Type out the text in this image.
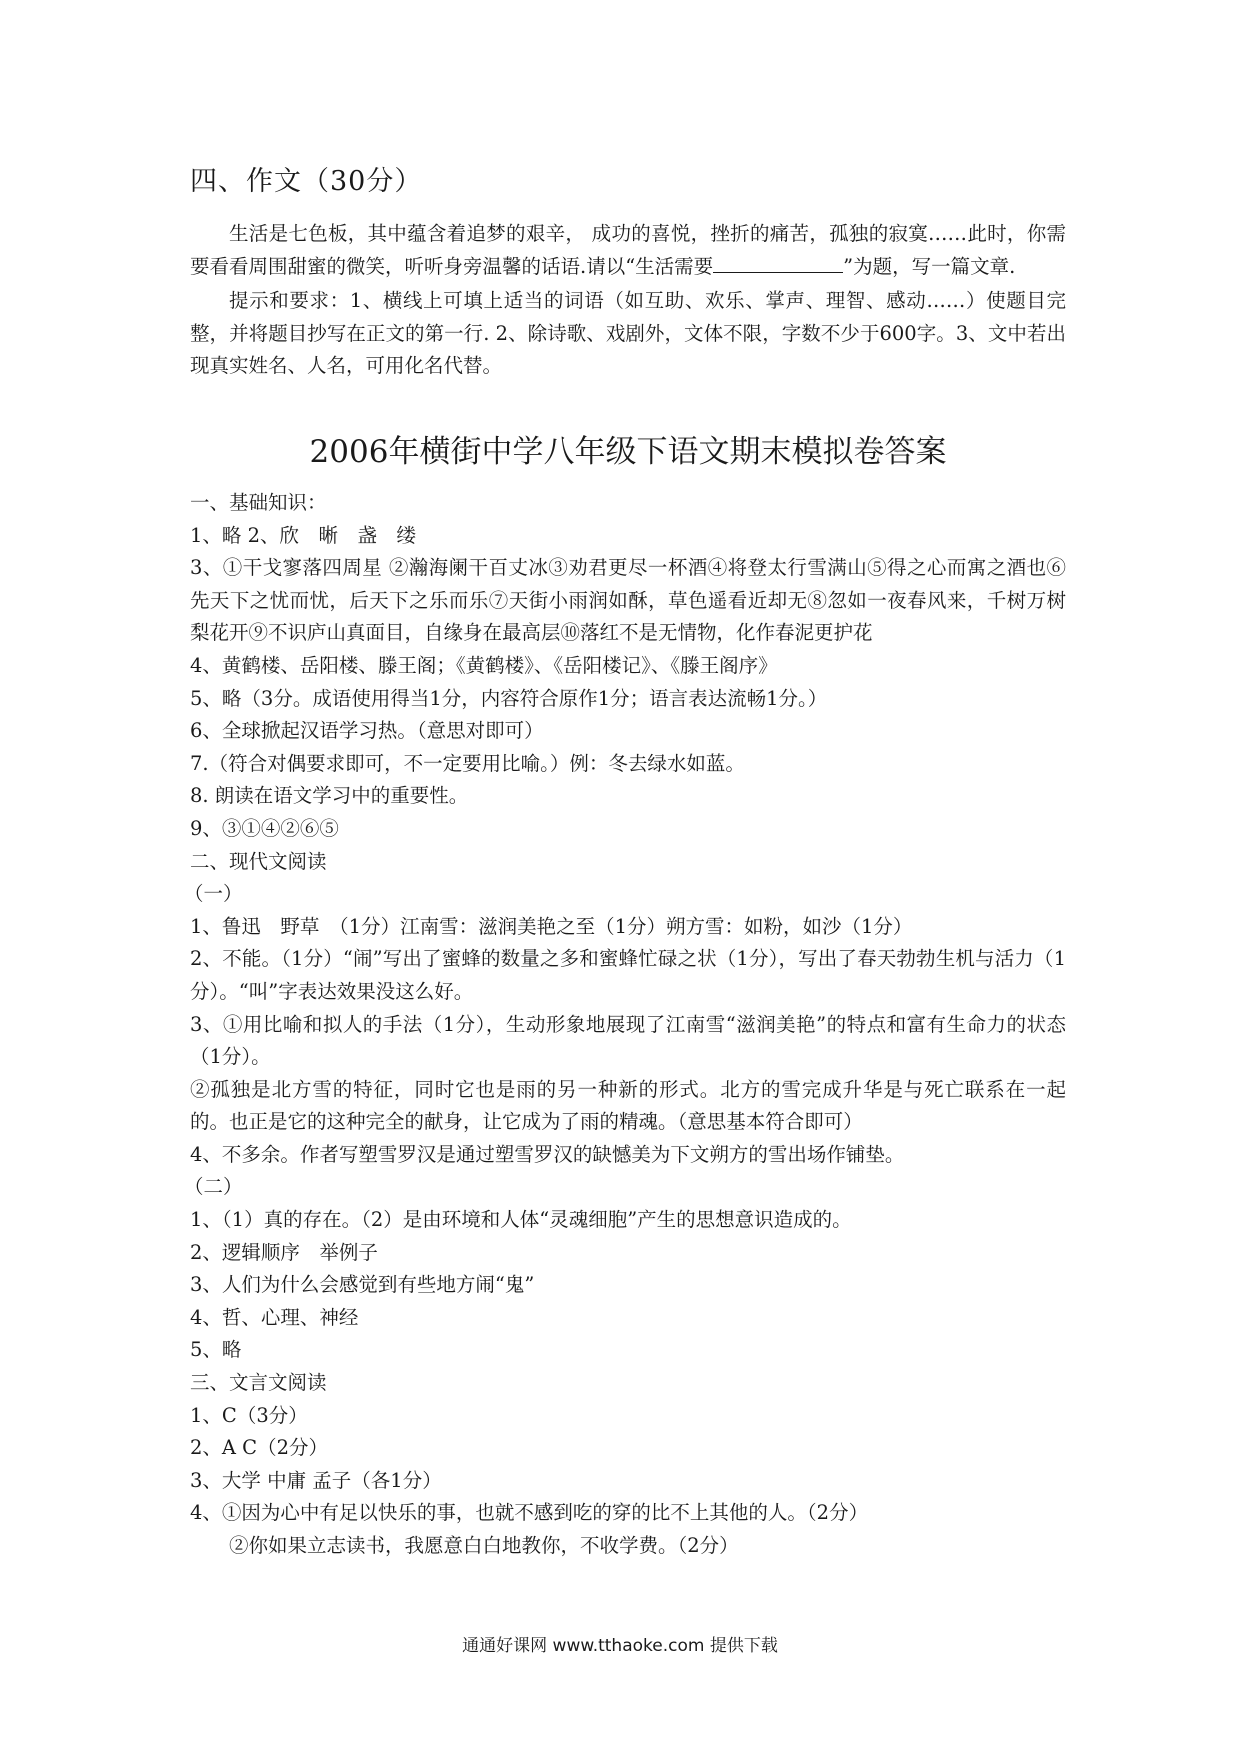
四、作文（30分）

生活是七色板，其中蕴含着追梦的艰辛， 成功的喜悦，挫折的痛苦，孤独的寂寞……此时，你需要看看周围甜蜜的微笑，听听身旁温馨的话语.请以“生活需要	”为题，写一篇文章.

提示和要求：1、横线上可填上适当的词语（如互助、欢乐、掌声、理智、感动……）使题目完整，并将题目抄写在正文的第一行. 2、除诗歌、戏剧外，文体不限，字数不少于600字。3、文中若出现真实姓名、人名，可用化名代替。

2006年横街中学八年级下语文期末模拟卷答案

一、基础知识：

1、略 2、欣　晰　盏　缕

3、①干戈寥落四周星 ②瀚海阑干百丈冰③劝君更尽一杯酒④将登太行雪满山⑤得之心而寓之酒也⑥先天下之忧而忧，后天下之乐而乐⑦天街小雨润如酥，草色遥看近却无⑧忽如一夜春风来，千树万树梨花开⑨不识庐山真面目，自缘身在最高层⑩落红不是无情物，化作春泥更护花

4、黄鹤楼、岳阳楼、滕王阁；《黄鹤楼》、《岳阳楼记》、《滕王阁序》

5、略（3分。成语使用得当1分，内容符合原作1分；语言表达流畅1分。）

6、全球掀起汉语学习热。（意思对即可）

7.（符合对偶要求即可，不一定要用比喻。）例：冬去绿水如蓝。

8. 朗读在语文学习中的重要性。

9、③①④②⑥⑤

二、现代文阅读

（一）

1、鲁迅　野草　（1分）江南雪：滋润美艳之至（1分）朔方雪：如粉，如沙（1分）

2、不能。（1分）“闹”写出了蜜蜂的数量之多和蜜蜂忙碌之状（1分），写出了春天勃勃生机与活力（1分）。“叫”字表达效果没这么好。

3、①用比喻和拟人的手法（1分），生动形象地展现了江南雪“滋润美艳”的特点和富有生命力的状态（1分）。

②孤独是北方雪的特征，同时它也是雨的另一种新的形式。北方的雪完成升华是与死亡联系在一起的。也正是它的这种完全的献身，让它成为了雨的精魂。（意思基本符合即可）

4、不多余。作者写塑雪罗汉是通过塑雪罗汉的缺憾美为下文朔方的雪出场作铺垫。

（二）

1、（1）真的存在。（2）是由环境和人体“灵魂细胞”产生的思想意识造成的。

2、逻辑顺序　举例子

3、人们为什么会感觉到有些地方闹“鬼”

4、哲、心理、神经

5、略

三、文言文阅读

1、C（3分）

2、A C（2分）

3、大学 中庸 孟子（各1分）

4、①因为心中有足以快乐的事，也就不感到吃的穿的比不上其他的人。（2分）

②你如果立志读书，我愿意白白地教你，不收学费。（2分）

通通好课网 www.tthaoke.com 提供下载
